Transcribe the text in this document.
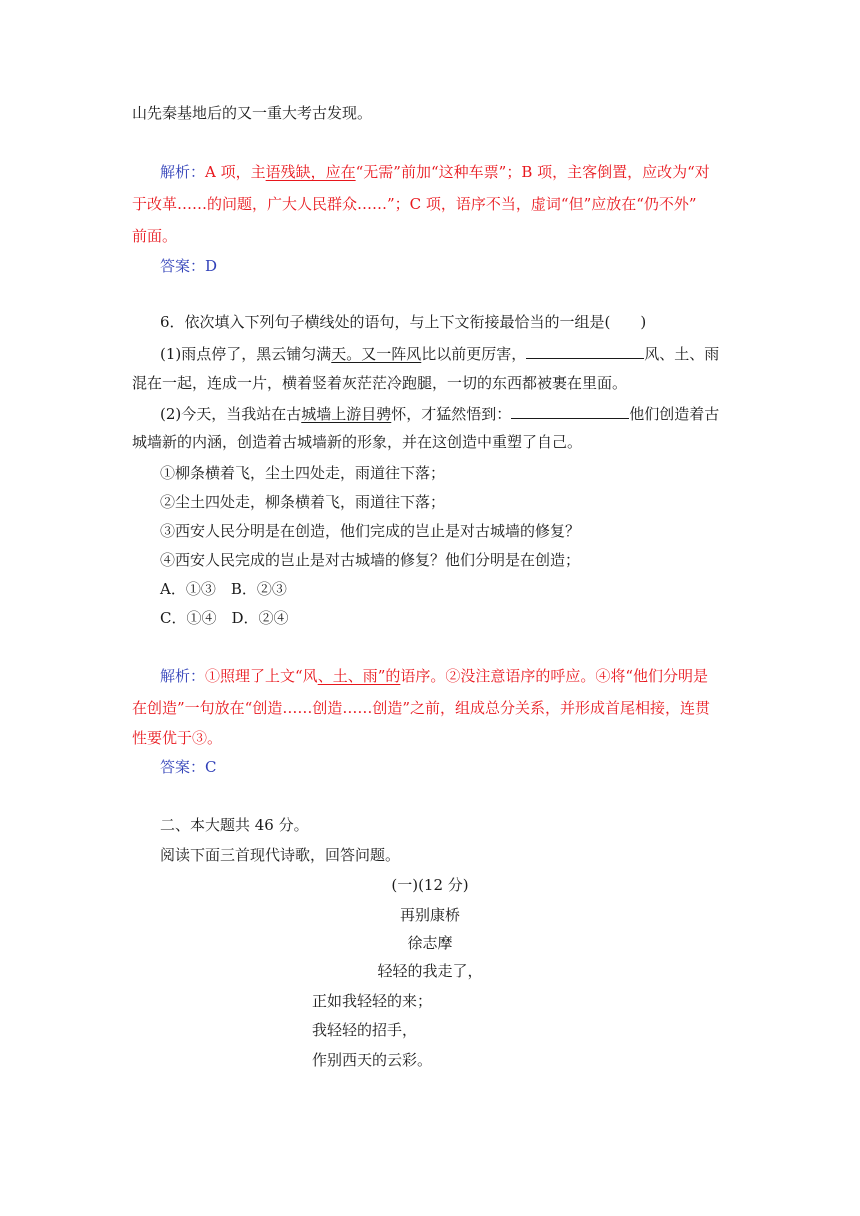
山先秦基地后的又一重大考古发现。
解析：A 项，主语残缺，应在“无需”前加“这种车票”；B 项，主客倒置，应改为“对
于改革……的问题，广大人民群众……”；C 项，语序不当，虚词“但”应放在“仍不外”
前面。
答案：D
6．依次填入下列句子横线处的语句，与上下文衔接最恰当的一组是(　　)
(1)雨点停了，黑云铺匀满天。又一阵风比以前更厉害，	风、土、雨
混在一起，连成一片，横着竖着灰茫茫冷跑腿，一切的东西都被裹在里面。
(2)今天，当我站在古城墙上游目骋怀，才猛然悟到：	他们创造着古
城墙新的内涵，创造着古城墙新的形象，并在这创造中重塑了自己。
①柳条横着飞，尘土四处走，雨道往下落；
②尘土四处走，柳条横着飞，雨道往下落；
③西安人民分明是在创造，他们完成的岂止是对古城墙的修复？
④西安人民完成的岂止是对古城墙的修复？他们分明是在创造；
A．①③　B．②③
C．①④　D．②④
解析：①照理了上文“风、土、雨”的语序。②没注意语序的呼应。④将“他们分明是
在创造”一句放在“创造……创造……创造”之前，组成总分关系，并形成首尾相接，连贯
性要优于③。
答案：C
二、本大题共 46 分。
阅读下面三首现代诗歌，回答问题。
(一)(12 分)
再别康桥
徐志摩
轻轻的我走了，
正如我轻轻的来；
我轻轻的招手，
作别西天的云彩。
